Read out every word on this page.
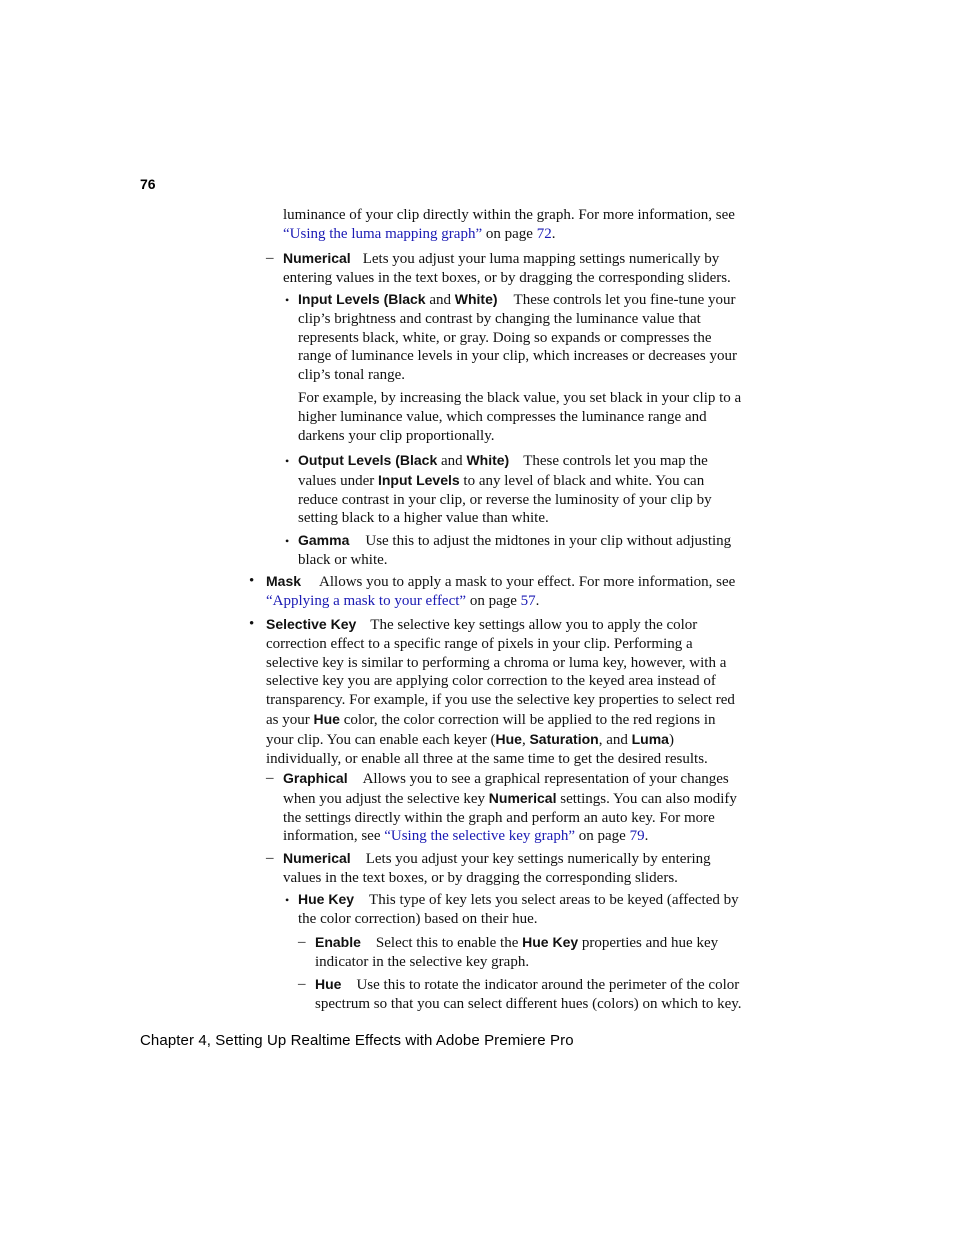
76

luminance of your clip directly within the graph. For more information, see “Using the luma mapping graph” on page 72.

– Numerical Lets you adjust your luma mapping settings numerically by entering values in the text boxes, or by dragging the corresponding sliders.

• Input Levels (Black and White) These controls let you fine-tune your clip’s brightness and contrast by changing the luminance value that represents black, white, or gray. Doing so expands or compresses the range of luminance levels in your clip, which increases or decreases your clip’s tonal range.

For example, by increasing the black value, you set black in your clip to a higher luminance value, which compresses the luminance range and darkens your clip proportionally.

• Output Levels (Black and White) These controls let you map the values under Input Levels to any level of black and white. You can reduce contrast in your clip, or reverse the luminosity of your clip by setting black to a higher value than white.

• Gamma Use this to adjust the midtones in your clip without adjusting black or white.

• Mask Allows you to apply a mask to your effect. For more information, see “Applying a mask to your effect” on page 57.

• Selective Key The selective key settings allow you to apply the color correction effect to a specific range of pixels in your clip. Performing a selective key is similar to performing a chroma or luma key, however, with a selective key you are applying color correction to the keyed area instead of transparency. For example, if you use the selective key properties to select red as your Hue color, the color correction will be applied to the red regions in your clip. You can enable each keyer (Hue, Saturation, and Luma) individually, or enable all three at the same time to get the desired results.

– Graphical Allows you to see a graphical representation of your changes when you adjust the selective key Numerical settings. You can also modify the settings directly within the graph and perform an auto key. For more information, see “Using the selective key graph” on page 79.

– Numerical Lets you adjust your key settings numerically by entering values in the text boxes, or by dragging the corresponding sliders.

• Hue Key This type of key lets you select areas to be keyed (affected by the color correction) based on their hue.

– Enable Select this to enable the Hue Key properties and hue key indicator in the selective key graph.

– Hue Use this to rotate the indicator around the perimeter of the color spectrum so that you can select different hues (colors) on which to key.

Chapter 4, Setting Up Realtime Effects with Adobe Premiere Pro
